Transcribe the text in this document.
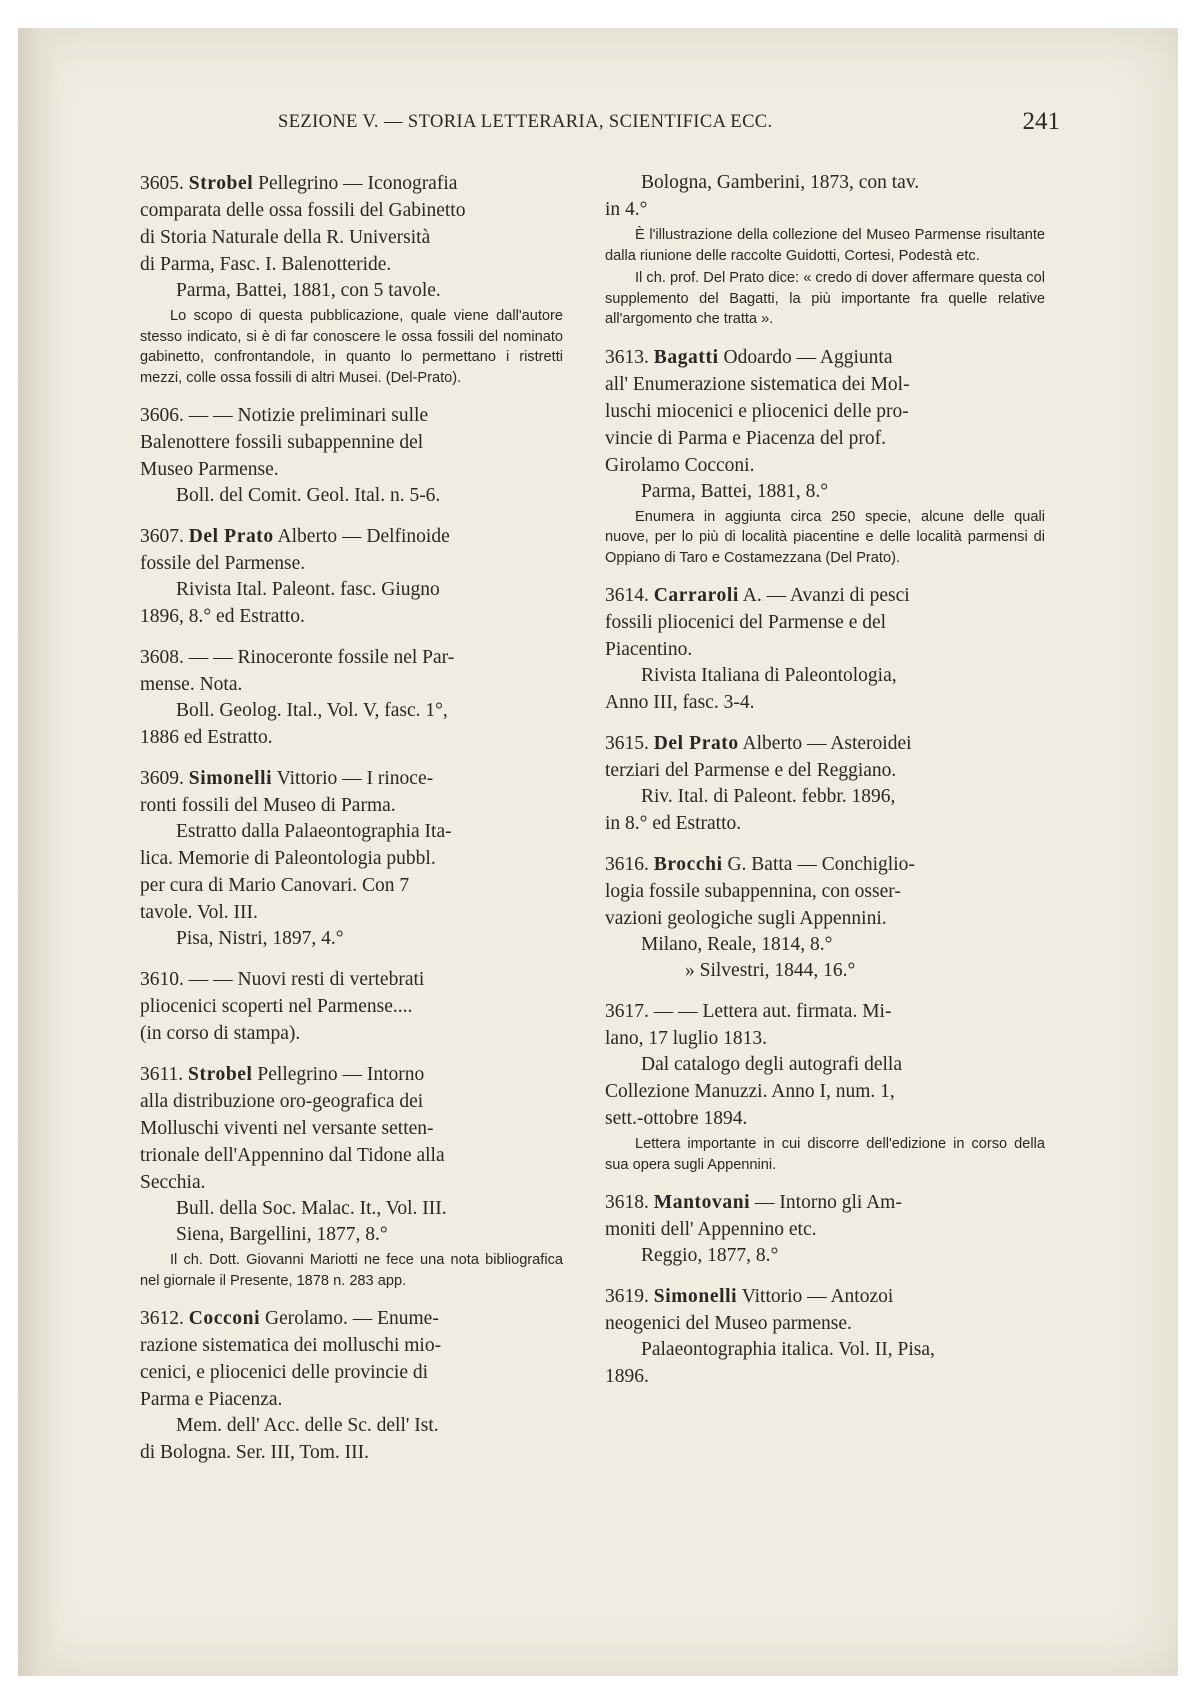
SEZIONE V. — STORIA LETTERARIA, SCIENTIFICA ECC.	241
3605. Strobel Pellegrino — Iconografia
comparata delle ossa fossili del Gabinetto
di Storia Naturale della R. Università
di Parma, Fasc. I. Balenotteride.
Parma, Battei, 1881, con 5 tavole.
Lo scopo di questa pubblicazione, quale viene dall'autore stesso indicato, si è di far conoscere le ossa fossili del nominato gabinetto, confrontandole, in quanto lo permettano i ristretti mezzi, colle ossa fossili di altri Musei. (Del-Prato).
3606. — — Notizie preliminari sulle
Balenottere fossili subappennine del
Museo Parmense.
Boll. del Comit. Geol. Ital. n. 5-6.
3607. Del Prato Alberto — Delfinoide
fossile del Parmense.
Rivista Ital. Paleont. fasc. Giugno
1896, 8.° ed Estratto.
3608. — — Rinoceronte fossile nel Par-
mense. Nota.
Boll. Geolog. Ital., Vol. V, fasc. 1°,
1886 ed Estratto.
3609. Simonelli Vittorio — I rinoce-
ronti fossili del Museo di Parma.
Estratto dalla Palaeontographia Ita-
lica. Memorie di Paleontologia pubbl.
per cura di Mario Canovari. Con 7
tavole. Vol. III.
Pisa, Nistri, 1897, 4.°
3610. — — Nuovi resti di vertebrati
pliocenici scoperti nel Parmense....
(in corso di stampa).
3611. Strobel Pellegrino — Intorno
alla distribuzione oro-geografica dei
Molluschi viventi nel versante setten-
trionale dell'Appennino dal Tidone alla
Secchia.
Bull. della Soc. Malac. It., Vol. III.
Siena, Bargellini, 1877, 8.°
Il ch. Dott. Giovanni Mariotti ne fece una nota bibliografica nel giornale il Presente, 1878 n. 283 app.
3612. Cocconi Gerolamo. — Enume-
razione sistematica dei molluschi mio-
cenici, e pliocenici delle provincie di
Parma e Piacenza.
Mem. dell' Acc. delle Sc. dell' Ist.
di Bologna. Ser. III, Tom. III.
Bologna, Gamberini, 1873, con tav.
in 4.°
È l'illustrazione della collezione del Museo Parmense risultante dalla riunione delle raccolte Guidotti, Cortesi, Podestà etc.
Il ch. prof. Del Prato dice: « credo di dover affermare questa col supplemento del Bagatti, la più importante fra quelle relative all'argomento che tratta ».
3613. Bagatti Odoardo — Aggiunta
all' Enumerazione sistematica dei Mol-
luschi miocenici e pliocenici delle pro-
vincie di Parma e Piacenza del prof.
Girolamo Cocconi.
Parma, Battei, 1881, 8.°
Enumera in aggiunta circa 250 specie, alcune delle quali nuove, per lo più di località piacentine e delle località parmensi di Oppiano di Taro e Costamezzana (Del Prato).
3614. Carraroli A. — Avanzi di pesci
fossili pliocenici del Parmense e del
Piacentino.
Rivista Italiana di Paleontologia,
Anno III, fasc. 3-4.
3615. Del Prato Alberto — Asteroidei
terziari del Parmense e del Reggiano.
Riv. Ital. di Paleont. febbr. 1896,
in 8.° ed Estratto.
3616. Brocchi G. Batta — Conchiglio-
logia fossile subappennina, con osser-
vazioni geologiche sugli Appennini.
Milano, Reale, 1814, 8.°
» Silvestri, 1844, 16.°
3617. — — Lettera aut. firmata. Mi-
lano, 17 luglio 1813.
Dal catalogo degli autografi della
Collezione Manuzzi. Anno I, num. 1,
sett.-ottobre 1894.
Lettera importante in cui discorre dell'edizione in corso della sua opera sugli Appennini.
3618. Mantovani — Intorno gli Am-
moniti dell' Appennino etc.
Reggio, 1877, 8.°
3619. Simonelli Vittorio — Antozoi
neogenici del Museo parmense.
Palaeontographia italica. Vol. II, Pisa,
1896.
